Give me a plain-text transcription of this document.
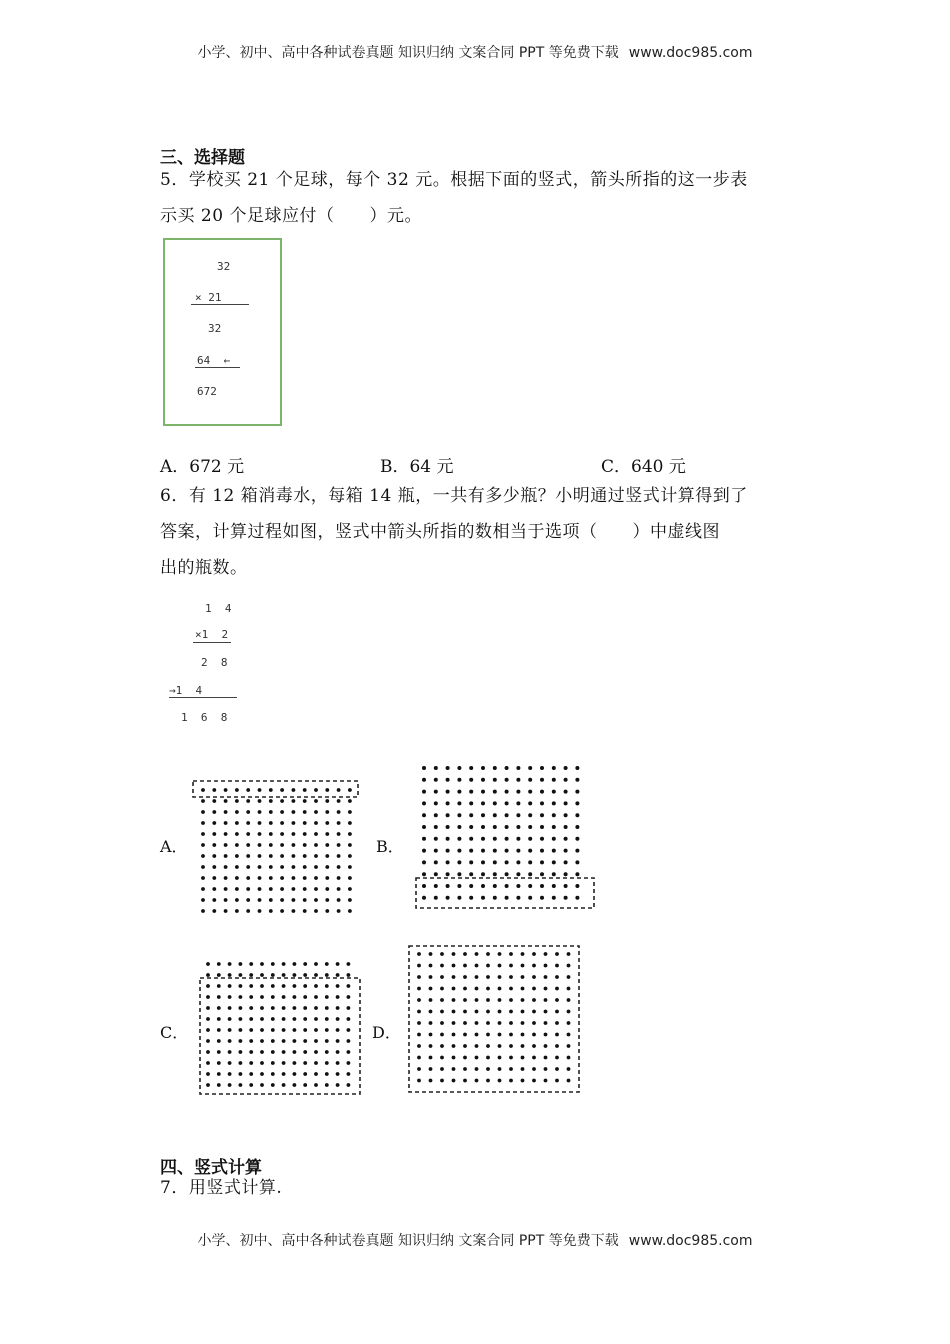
小学、初中、高中各种试卷真题 知识归纳 文案合同 PPT 等免费下载 www.doc985.com
三、选择题
5．学校买 21 个足球，每个 32 元。根据下面的竖式，箭头所指的这一步表
示买 20 个足球应付（　　）元。
32
× 21
32
64  ←
672
A．672 元	B．64 元	C．640 元
6．有 12 箱消毒水，每箱 14 瓶，一共有多少瓶？小明通过竖式计算得到了
答案，计算过程如图，竖式中箭头所指的数相当于选项（　　）中虚线图
出的瓶数。
1  4
×1  2
2  8
→1  4
1  6  8
A．	B．
C．	D．
四、竖式计算
7．用竖式计算.
小学、初中、高中各种试卷真题 知识归纳 文案合同 PPT 等免费下载 www.doc985.com
